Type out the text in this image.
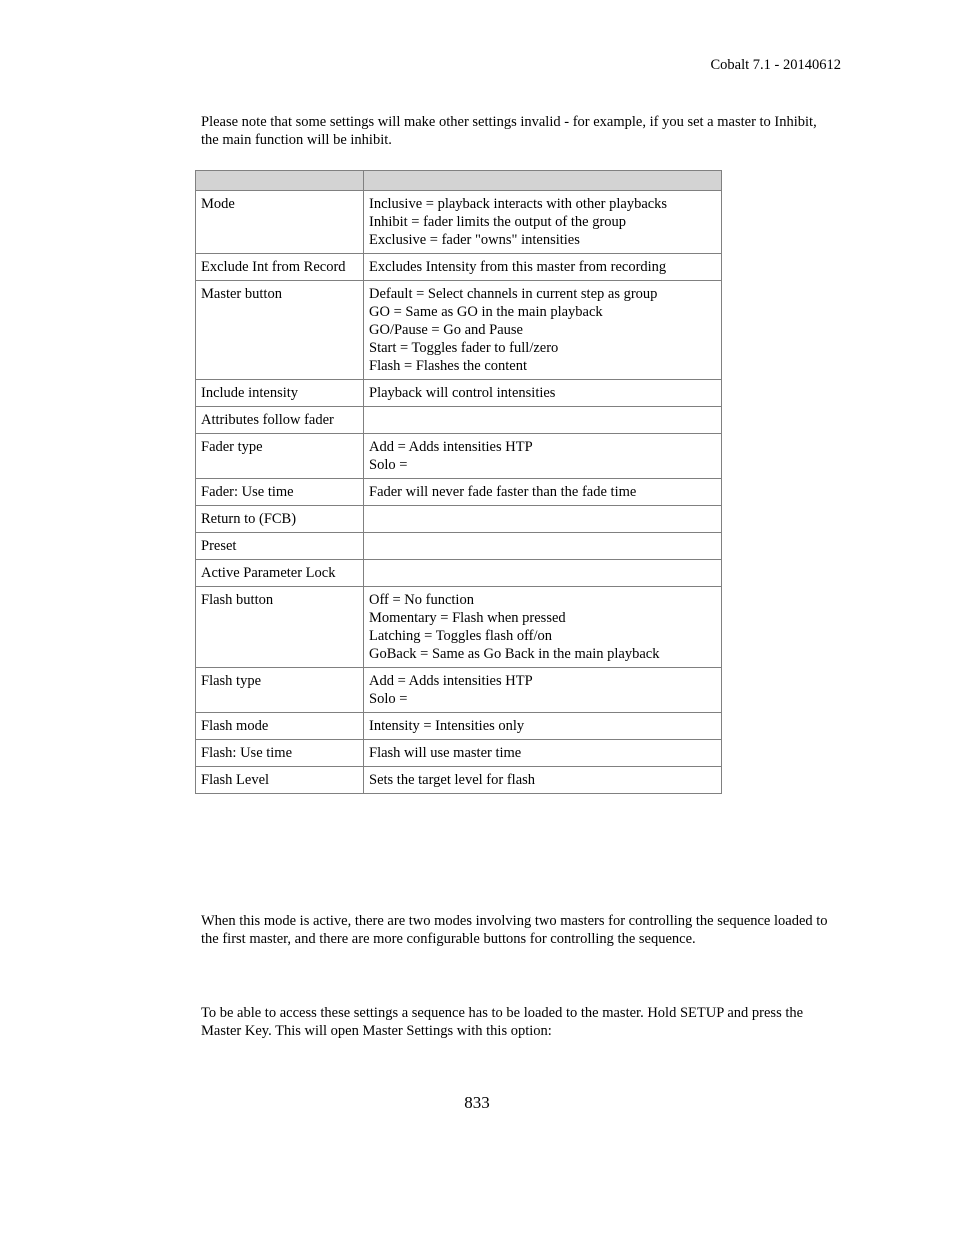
Cobalt 7.1 - 20140612

Please note that some settings will make other settings invalid - for example, if you set a master to Inhibit, the main function will be inhibit.

Mode	Inclusive = playback interacts with other playbacks
Inhibit = fader limits the output of the group
Exclusive = fader "owns" intensities

Exclude Int from Record	Excludes Intensity from this master from recording

Master button	Default = Select channels in current step as group
GO = Same as GO in the main playback
GO/Pause = Go and Pause
Start = Toggles fader to full/zero
Flash = Flashes the content

Include intensity	Playback will control intensities

Attributes follow fader	
Fader type	Add = Adds intensities HTP
Solo =

Fader: Use time	Fader will never fade faster than the fade time

Return to (FCB)	
Preset	
Active Parameter Lock	
Flash button	Off = No function
Momentary = Flash when pressed
Latching = Toggles flash off/on
GoBack = Same as Go Back in the main playback

Flash type	Add = Adds intensities HTP
Solo =

Flash mode	Intensity = Intensities only

Flash: Use time	Flash will use master time

Flash Level	Sets the target level for flash

When this mode is active, there are two modes involving two masters for controlling the sequence loaded to the first master, and there are more configurable buttons for controlling the sequence.

To be able to access these settings a sequence has to be loaded to the master. Hold SETUP and press the Master Key. This will open Master Settings with this option:

833
